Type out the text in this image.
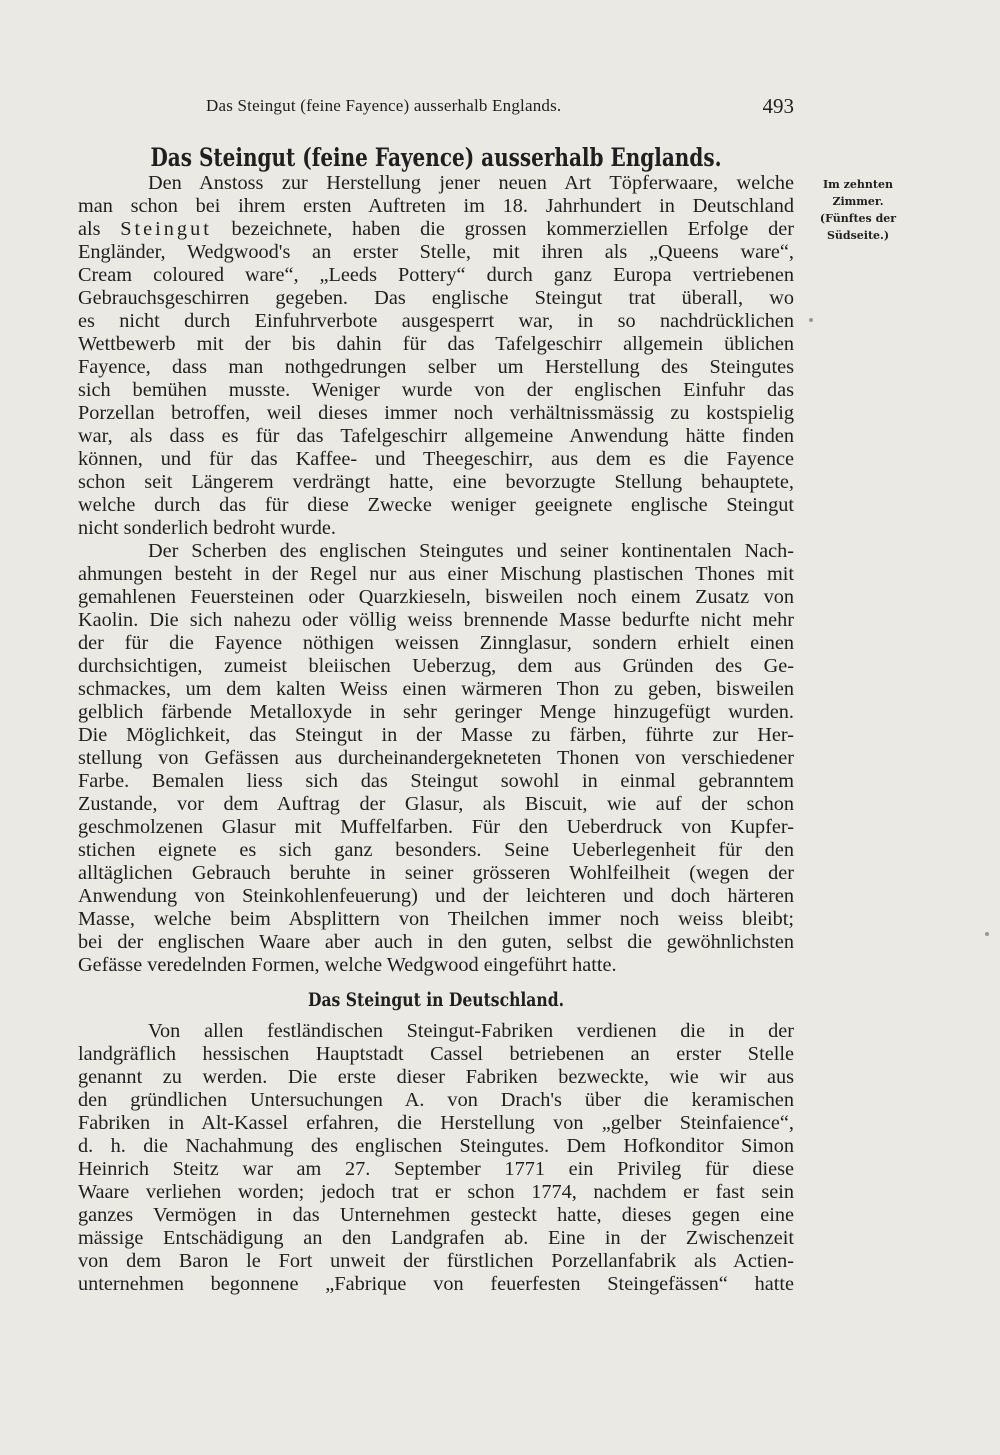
Das Steingut (feine Fayence) ausserhalb Englands.	493
Das Steingut (feine Fayence) ausserhalb Englands.
Im zehnten
Zimmer.
(Fünftes der
Südseite.)
Den Anstoss zur Herstellung jener neuen Art Töpferwaare, welche
man schon bei ihrem ersten Auftreten im 18. Jahrhundert in Deutschland
als Steingut bezeichnete, haben die grossen kommerziellen Erfolge der
Engländer, Wedgwood's an erster Stelle, mit ihren als „Queens ware“,
Cream coloured ware“, „Leeds Pottery“ durch ganz Europa vertriebenen
Gebrauchsgeschirren gegeben. Das englische Steingut trat überall, wo
es nicht durch Einfuhrverbote ausgesperrt war, in so nachdrücklichen
Wettbewerb mit der bis dahin für das Tafelgeschirr allgemein üblichen
Fayence, dass man nothgedrungen selber um Herstellung des Steingutes
sich bemühen musste. Weniger wurde von der englischen Einfuhr das
Porzellan betroffen, weil dieses immer noch verhältnissmässig zu kostspielig
war, als dass es für das Tafelgeschirr allgemeine Anwendung hätte finden
können, und für das Kaffee- und Theegeschirr, aus dem es die Fayence
schon seit Längerem verdrängt hatte, eine bevorzugte Stellung behauptete,
welche durch das für diese Zwecke weniger geeignete englische Steingut
nicht sonderlich bedroht wurde.
Der Scherben des englischen Steingutes und seiner kontinentalen Nach-
ahmungen besteht in der Regel nur aus einer Mischung plastischen Thones mit
gemahlenen Feuersteinen oder Quarzkieseln, bisweilen noch einem Zusatz von
Kaolin. Die sich nahezu oder völlig weiss brennende Masse bedurfte nicht mehr
der für die Fayence nöthigen weissen Zinnglasur, sondern erhielt einen
durchsichtigen, zumeist bleiischen Ueberzug, dem aus Gründen des Ge-
schmackes, um dem kalten Weiss einen wärmeren Thon zu geben, bisweilen
gelblich färbende Metalloxyde in sehr geringer Menge hinzugefügt wurden.
Die Möglichkeit, das Steingut in der Masse zu färben, führte zur Her-
stellung von Gefässen aus durcheinandergekneteten Thonen von verschiedener
Farbe. Bemalen liess sich das Steingut sowohl in einmal gebranntem
Zustande, vor dem Auftrag der Glasur, als Biscuit, wie auf der schon
geschmolzenen Glasur mit Muffelfarben. Für den Ueberdruck von Kupfer-
stichen eignete es sich ganz besonders. Seine Ueberlegenheit für den
alltäglichen Gebrauch beruhte in seiner grösseren Wohlfeilheit (wegen der
Anwendung von Steinkohlenfeuerung) und der leichteren und doch härteren
Masse, welche beim Absplittern von Theilchen immer noch weiss bleibt;
bei der englischen Waare aber auch in den guten, selbst die gewöhnlichsten
Gefässe veredelnden Formen, welche Wedgwood eingeführt hatte.
Das Steingut in Deutschland.
Von allen festländischen Steingut-Fabriken verdienen die in der
landgräflich hessischen Hauptstadt Cassel betriebenen an erster Stelle
genannt zu werden. Die erste dieser Fabriken bezweckte, wie wir aus
den gründlichen Untersuchungen A. von Drach's über die keramischen
Fabriken in Alt-Kassel erfahren, die Herstellung von „gelber Steinfaience“,
d. h. die Nachahmung des englischen Steingutes. Dem Hofkonditor Simon
Heinrich Steitz war am 27. September 1771 ein Privileg für diese
Waare verliehen worden; jedoch trat er schon 1774, nachdem er fast sein
ganzes Vermögen in das Unternehmen gesteckt hatte, dieses gegen eine
mässige Entschädigung an den Landgrafen ab. Eine in der Zwischenzeit
von dem Baron le Fort unweit der fürstlichen Porzellanfabrik als Actien-
unternehmen begonnene „Fabrique von feuerfesten Steingefässen“ hatte
